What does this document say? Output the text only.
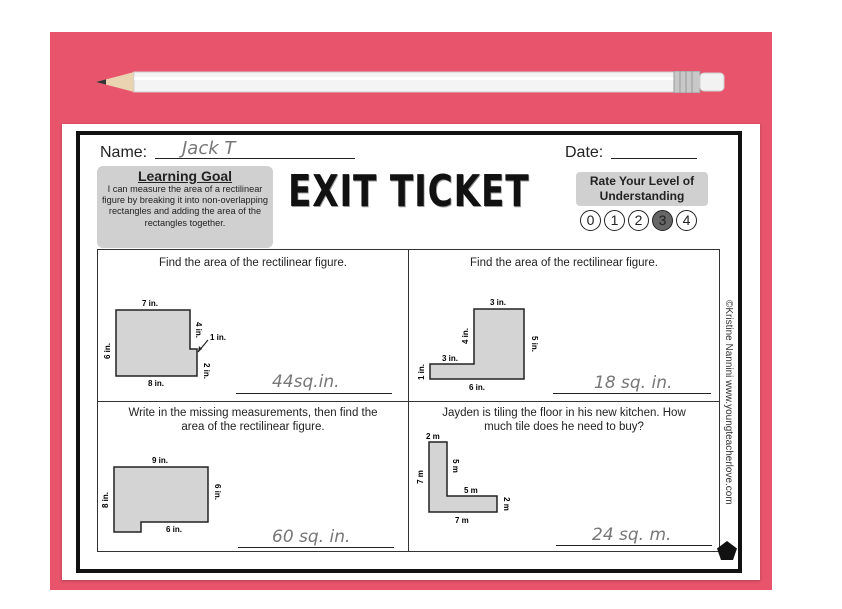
Name: Jack T	Date:
Learning Goal
I can measure the area of a rectilinear figure by breaking it into non-overlapping rectangles and adding the area of the rectangles together.
EXIT TICKET	Rate Your Level of
Understanding
0	1	2	3	4
Find the area of the rectilinear figure.
7 in.
6 in.
4 in. 1 in.
2 in.
8 in.	44sq.in.
Find the area of the rectilinear figure.
3 in.
4 in.	5 in.
3 in.
1 in.
6 in.	18 sq. in.
Write in the missing measurements, then find the
area of the rectilinear figure.
9 in.
8 in.	6 in.
6 in.	60 sq. in.
Jayden is tiling the floor in his new kitchen. How
much tile does he need to buy?
2 m
7 m
5 m
5 m
2 m
7 m
24 sq. m.
©Kristine Nannini www.youngteacherlove.com
